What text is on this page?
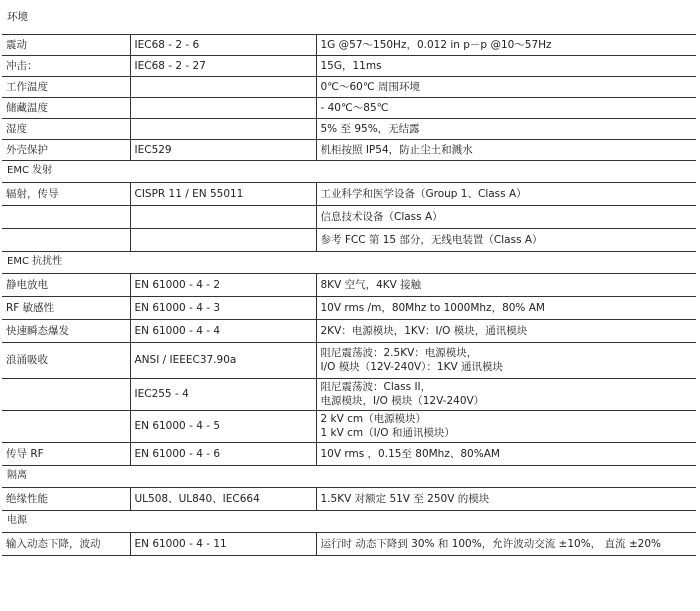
环境		
震动	IEC68 - 2 - 6	1G @57～150Hz，0.012 in p－p @10～57Hz
冲击：	IEC68 - 2 - 27	15G，11ms
工作温度		0℃～60℃ 周围环境
储藏温度		- 40℃～85℃
湿度		5% 至 95%，无结露
外壳保护	IEC529	机柜按照 IP54，防止尘土和溅水
EMC 发射		
辐射，传导	CISPR 11 / EN 55011	工业科学和医学设备（Group 1、Class A）
		信息技术设备（Class A）
		参考 FCC 第 15 部分，无线电装置（Class A）
EMC 抗扰性		
静电放电	EN 61000 - 4 - 2	8KV 空气，4KV 接触
RF 敏感性	EN 61000 - 4 - 3	10V rms /m，80Mhz to 1000Mhz，80% AM
快速瞬态爆发	EN 61000 - 4 - 4	2KV：电源模块，1KV：I/O 模块，通讯模块
浪涌吸收	ANSI / IEEEC37.90a	阻尼震荡波：2.5KV：电源模块，
I/O 模块（12V-240V）：1KV 通讯模块
	IEC255 - 4	阻尼震荡波：Class II，
电源模块，I/O 模块（12V-240V）
	EN 61000 - 4 - 5	2 kV cm（电源模块）
1 kV cm（I/O 和通讯模块）
传导 RF	EN 61000 - 4 - 6	10V rms ，0.15至 80Mhz、80%AM
隔离		
绝缘性能	UL508、UL840、IEC664	1.5KV 对额定 51V 至 250V 的模块
电源		
输入动态下降，波动	EN 61000 - 4 - 11	运行时 动态下降到 30% 和 100%，允许波动交流 ±10%， 直流 ±20%
